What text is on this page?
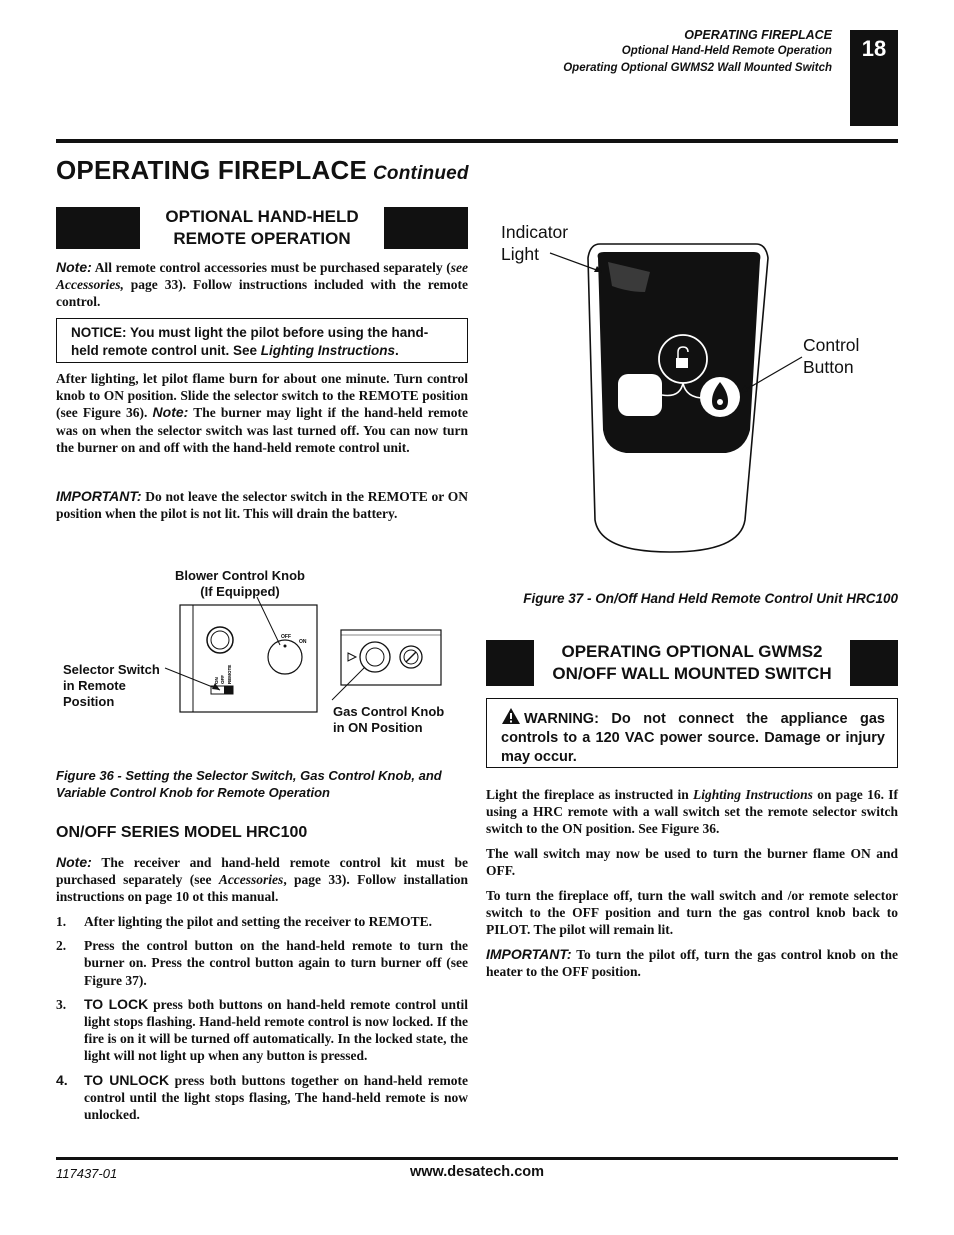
OPERATING FIREPLACE
Optional Hand-Held Remote Operation
Operating Optional GWMS2 Wall Mounted Switch
18
OPERATING FIREPLACE Continued
OPTIONAL HAND-HELD
REMOTE OPERATION

Note: All remote control accessories must be purchased separately (see Accessories, page 33). Follow instructions included with the remote control.

NOTICE: You must light the pilot before using the hand-held remote control unit. See Lighting Instructions.

After lighting, let pilot flame burn for about one minute. Turn control knob to ON position. Slide the selector switch to the REMOTE position (see Figure 36). Note: The burner may light if the hand-held remote was on when the selector switch was last turned off. You can now turn the burner on and off with the hand-held remote control unit.

IMPORTANT: Do not leave the selector switch in the REMOTE or ON position when the pilot is not lit. This will drain the battery.

Blower Control Knob
(If Equipped)
Selector Switch
in Remote
Position
Gas Control Knob
in ON Position
OFF
ON
ON OFF REMOTE
Figure 36 - Setting the Selector Switch, Gas Control Knob, and Variable Control Knob for Remote Operation
ON/OFF SERIES MODEL HRC100

Note: The receiver and hand-held remote control kit must be purchased separately (see Accessories, page 33). Follow installation instructions on page 10 ot this manual.

1.	After lighting the pilot and setting the receiver to REMOTE.
2.	Press the control button on the hand-held remote to turn the burner on. Press the control button again to turn burner off (see Figure 37).
3.	TO LOCK press both buttons on hand-held remote control until light stops flashing. Hand-held remote control is now locked. If the fire is on it will be turned off automatically. In the locked state, the light will not light up when any button is pressed.
4.	TO UNLOCK press both buttons together on hand-held remote control until the light stops flasing, The hand-held remote is now unlocked.
Indicator
Light
Control
Button
Figure 37 - On/Off Hand Held Remote Control Unit HRC100
OPERATING OPTIONAL GWMS2
ON/OFF WALL MOUNTED SWITCH
WARNING: Do not connect the appliance gas controls to a 120 VAC power source. Damage or injury may occur.

Light the fireplace as instructed in Lighting Instructions on page 16. If using a HRC remote with a wall switch set the remote selector switch switch to the ON position. See Figure 36.

The wall switch may now be used to turn the burner flame ON and OFF.

To turn the fireplace off, turn the wall switch and /or remote selector switch to the OFF position and turn the gas control knob back to PILOT. The pilot will remain lit.

IMPORTANT: To turn the pilot off, turn the gas control knob on the heater to the OFF position.

117437-01	www.desatech.com
